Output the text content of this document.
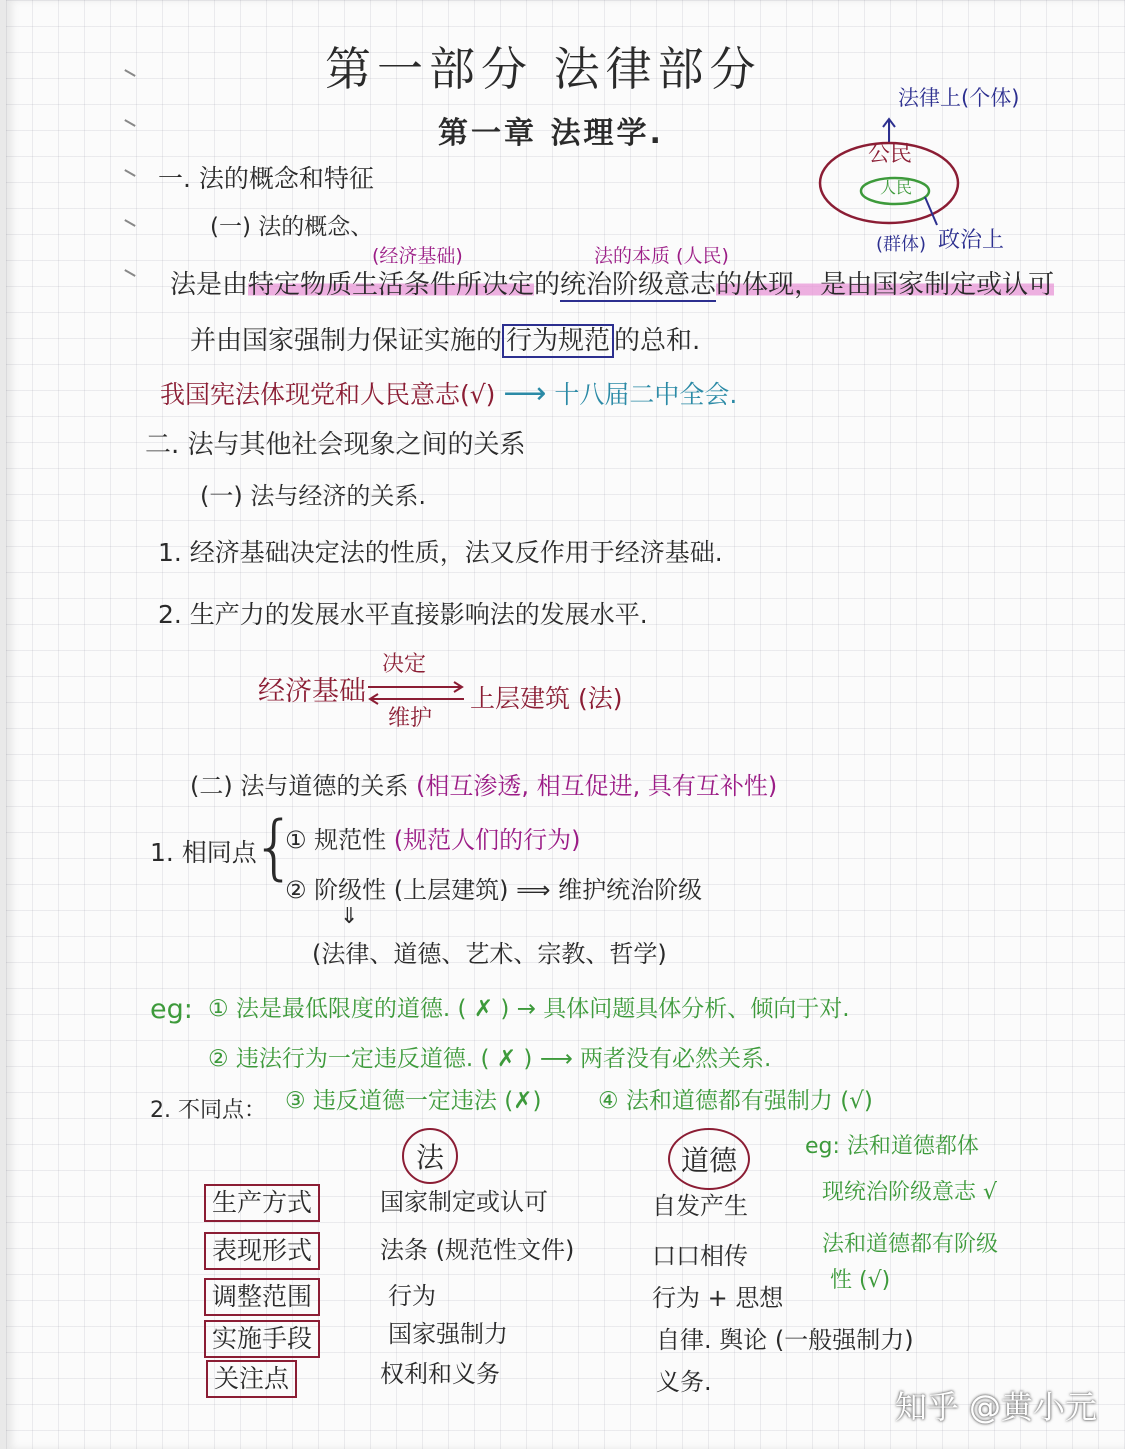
第一部分 法律部分
第一章 法理学.
法律上(个体)
公民
人民
(群体) 政治上
一. 法的概念和特征
(一) 法的概念、
(经济基础)	法的本质 (人民)
法是由特定物质生活条件所决定的统治阶级意志的体现，是由国家制定或认可
并由国家强制力保证实施的 行为规范 的总和.
我国宪法体现党和人民意志(√) ⟶ 十八届二中全会.
二. 法与其他社会现象之间的关系
(一) 法与经济的关系.
1. 经济基础决定法的性质，法又反作用于经济基础.
2. 生产力的发展水平直接影响法的发展水平.
经济基础
决定
维护
上层建筑 (法)
(二) 法与道德的关系 (相互渗透, 相互促进, 具有互补性)
1. 相同点
{
① 规范性 (规范人们的行为)
② 阶级性 (上层建筑) ⟹ 维护统治阶级
⇓
(法律、道德、艺术、宗教、哲学)
eg: ① 法是最低限度的道德. ( ✗ ) → 具体问题具体分析、倾向于对.
② 违法行为一定违反道德. ( ✗ ) ⟶ 两者没有必然关系.
2. 不同点： ③ 违反道德一定违法 (✗) ④ 法和道德都有强制力 (√)
法	道德	eg: 法和道德都体
现统治阶级意志 √
法和道德都有阶级
性 (√)
生产方式	国家制定或认可	自发产生
表现形式	法条 (规范性文件)	口口相传
调整范围	行为	行为 + 思想
实施手段	国家强制力	自律. 舆论 (一般强制力)
关注点	权利和义务	义务.
知乎 @黄小元
